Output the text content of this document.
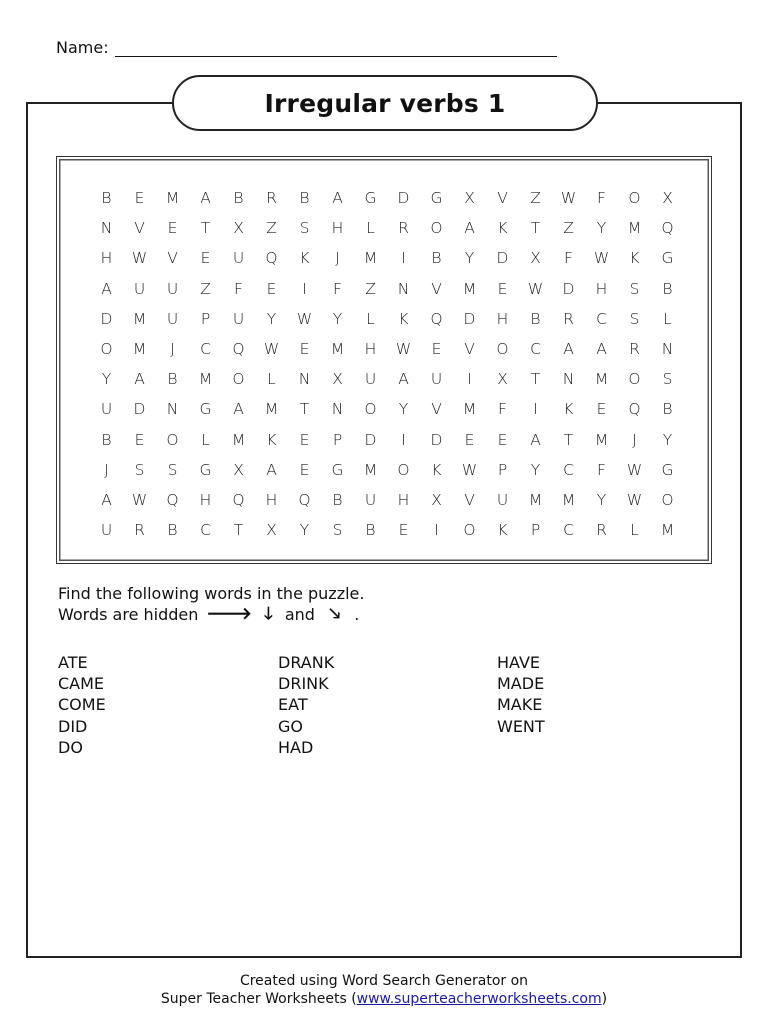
Name:
Irregular verbs 1
B	E	M	A	B	R	B	A	G	D	G	X	V	Z	W	F	O	X
N	V	E	T	X	Z	S	H	L	R	O	A	K	T	Z	Y	M	Q
H	W	V	E	U	Q	K	J	M	I	B	Y	D	X	F	W	K	G
A	U	U	Z	F	E	I	F	Z	N	V	M	E	W	D	H	S	B
D	M	U	P	U	Y	W	Y	L	K	Q	D	H	B	R	C	S	L
O	M	J	C	Q	W	E	M	H	W	E	V	O	C	A	A	R	N
Y	A	B	M	O	L	N	X	U	A	U	I	X	T	N	M	O	S
U	D	N	G	A	M	T	N	O	Y	V	M	F	I	K	E	Q	B
B	E	O	L	M	K	E	P	D	I	D	E	E	A	T	M	J	Y
J	S	S	G	X	A	E	G	M	O	K	W	P	Y	C	F	W	G
A	W	Q	H	Q	H	Q	B	U	H	X	V	U	M	M	Y	W	O
U	R	B	C	T	X	Y	S	B	E	I	O	K	P	C	R	L	M
Find the following words in the puzzle.
Words are hidden 🡒 🡓 and 🡖 .
ATE
CAME
COME
DID
DO
DRANK
DRINK
EAT
GO
HAD
HAVE
MADE
MAKE
WENT
Created using Word Search Generator on
Super Teacher Worksheets (www.superteacherworksheets.com)
